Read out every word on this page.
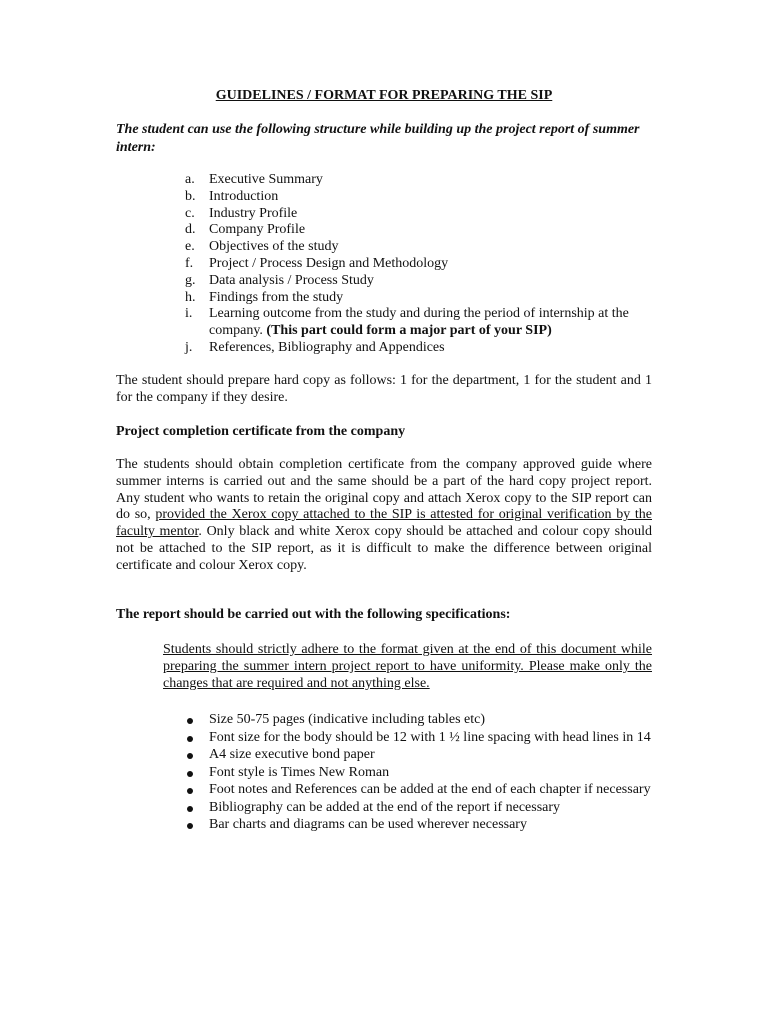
GUIDELINES / FORMAT FOR PREPARING THE SIP
The student can use the following structure while building up the project report of summer intern:
a. Executive Summary
b. Introduction
c. Industry Profile
d. Company Profile
e. Objectives of the study
f. Project / Process Design and Methodology
g. Data analysis / Process Study
h. Findings from the study
i. Learning outcome from the study and during the period of internship at the company. (This part could form a major part of your SIP)
j. References, Bibliography and Appendices
The student should prepare hard copy as follows: 1 for the department, 1 for the student and 1 for the company if they desire.
Project completion certificate from the company
The students should obtain completion certificate from the company approved guide where summer interns is carried out and the same should be a part of the hard copy project report. Any student who wants to retain the original copy and attach Xerox copy to the SIP report can do so, provided the Xerox copy attached to the SIP is attested for original verification by the faculty mentor. Only black and white Xerox copy should be attached and colour copy should not be attached to the SIP report, as it is difficult to make the difference between original certificate and colour Xerox copy.
The report should be carried out with the following specifications:
Students should strictly adhere to the format given at the end of this document while preparing the summer intern project report to have uniformity. Please make only the changes that are required and not anything else.
Size 50-75 pages (indicative including tables etc)
Font size for the body should be 12 with 1 ½ line spacing with head lines in 14
A4 size executive bond paper
Font style is Times New Roman
Foot notes and References can be added at the end of each chapter if necessary
Bibliography can be added at the end of the report if necessary
Bar charts and diagrams can be used wherever necessary
